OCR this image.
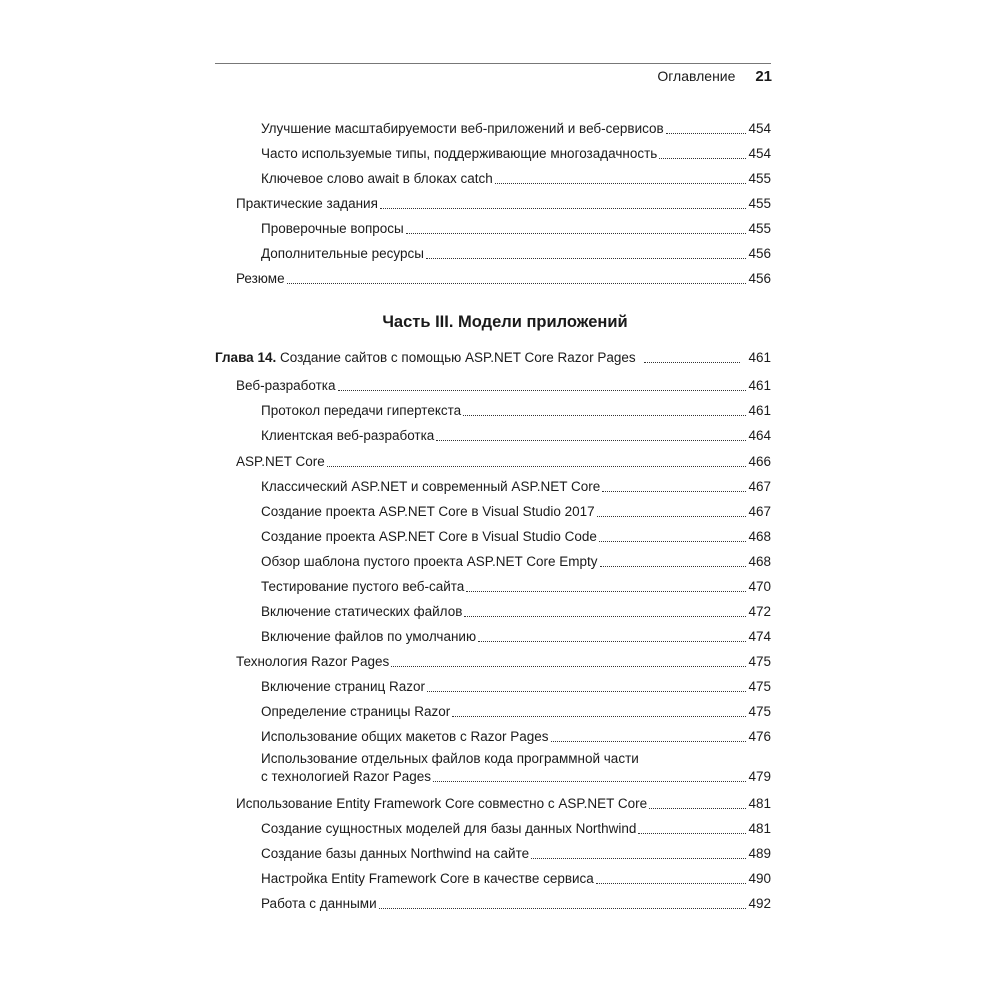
Оглавление 21
Улучшение масштабируемости веб-приложений и веб-сервисов	454
Часто используемые типы, поддерживающие многозадачность	454
Ключевое слово await в блоках catch	455
Практические задания	455
Проверочные вопросы	455
Дополнительные ресурсы	456
Резюме	456
Часть III. Модели приложений
Глава 14. Создание сайтов с помощью ASP.NET Core Razor Pages	461
Веб-разработка	461
Протокол передачи гипертекста	461
Клиентская веб-разработка	464
ASP.NET Core	466
Классический ASP.NET и современный ASP.NET Core	467
Создание проекта ASP.NET Core в Visual Studio 2017	467
Создание проекта ASP.NET Core в Visual Studio Code	468
Обзор шаблона пустого проекта ASP.NET Core Empty	468
Тестирование пустого веб-сайта	470
Включение статических файлов	472
Включение файлов по умолчанию	474
Технология Razor Pages	475
Включение страниц Razor	475
Определение страницы Razor	475
Использование общих макетов с Razor Pages	476
Использование отдельных файлов кода программной части
с технологией Razor Pages	479
Использование Entity Framework Core совместно с ASP.NET Core	481
Создание сущностных моделей для базы данных Northwind	481
Создание базы данных Northwind на сайте	489
Настройка Entity Framework Core в качестве сервиса	490
Работа с данными	492
